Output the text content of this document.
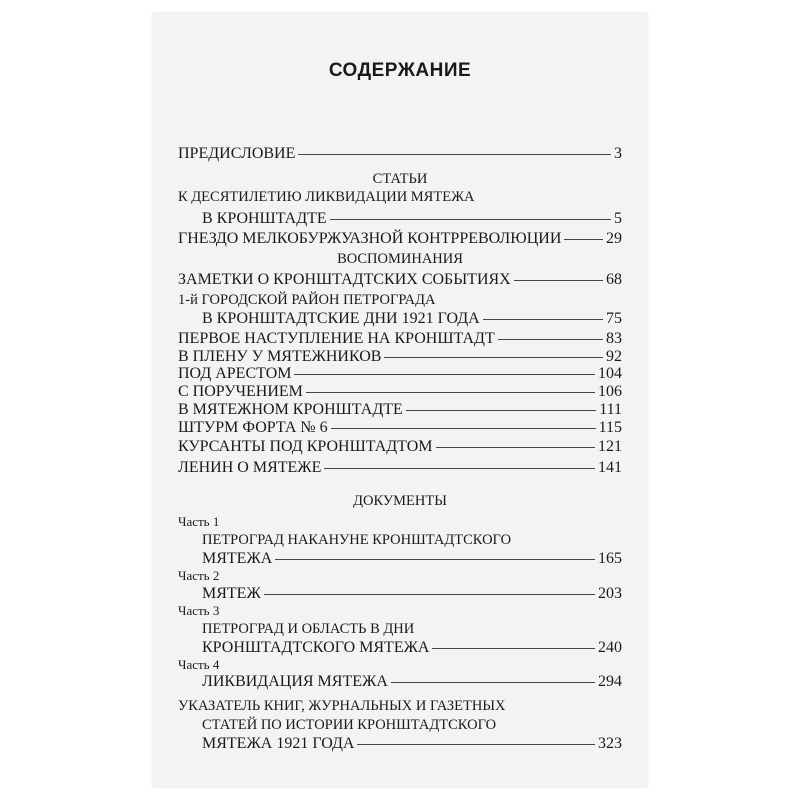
СОДЕРЖАНИЕ
ПРЕДИСЛОВИЕ	3
СТАТЬИ
К ДЕСЯТИЛЕТИЮ ЛИКВИДАЦИИ МЯТЕЖА
В КРОНШТАДТЕ	5
ГНЕЗДО МЕЛКОБУРЖУАЗНОЙ КОНТРРЕВОЛЮЦИИ	29
ВОСПОМИНАНИЯ
ЗАМЕТКИ О КРОНШТАДТСКИХ СОБЫТИЯХ	68
1-й ГОРОДСКОЙ РАЙОН ПЕТРОГРАДА
В КРОНШТАДТСКИЕ ДНИ 1921 ГОДА	75
ПЕРВОЕ НАСТУПЛЕНИЕ НА КРОНШТАДТ	83
В ПЛЕНУ У МЯТЕЖНИКОВ	92
ПОД АРЕСТОМ	104
С ПОРУЧЕНИЕМ	106
В МЯТЕЖНОМ КРОНШТАДТЕ	111
ШТУРМ ФОРТА № 6	115
КУРСАНТЫ ПОД КРОНШТАДТОМ	121
ЛЕНИН О МЯТЕЖЕ	141
ДОКУМЕНТЫ
Часть 1
ПЕТРОГРАД НАКАНУНЕ КРОНШТАДТСКОГО
МЯТЕЖА	165
Часть 2
МЯТЕЖ	203
Часть 3
ПЕТРОГРАД И ОБЛАСТЬ В ДНИ
КРОНШТАДТСКОГО МЯТЕЖА	240
Часть 4
ЛИКВИДАЦИЯ МЯТЕЖА	294
УКАЗАТЕЛЬ КНИГ, ЖУРНАЛЬНЫХ И ГАЗЕТНЫХ
СТАТЕЙ ПО ИСТОРИИ КРОНШТАДТСКОГО
МЯТЕЖА 1921 ГОДА	323
